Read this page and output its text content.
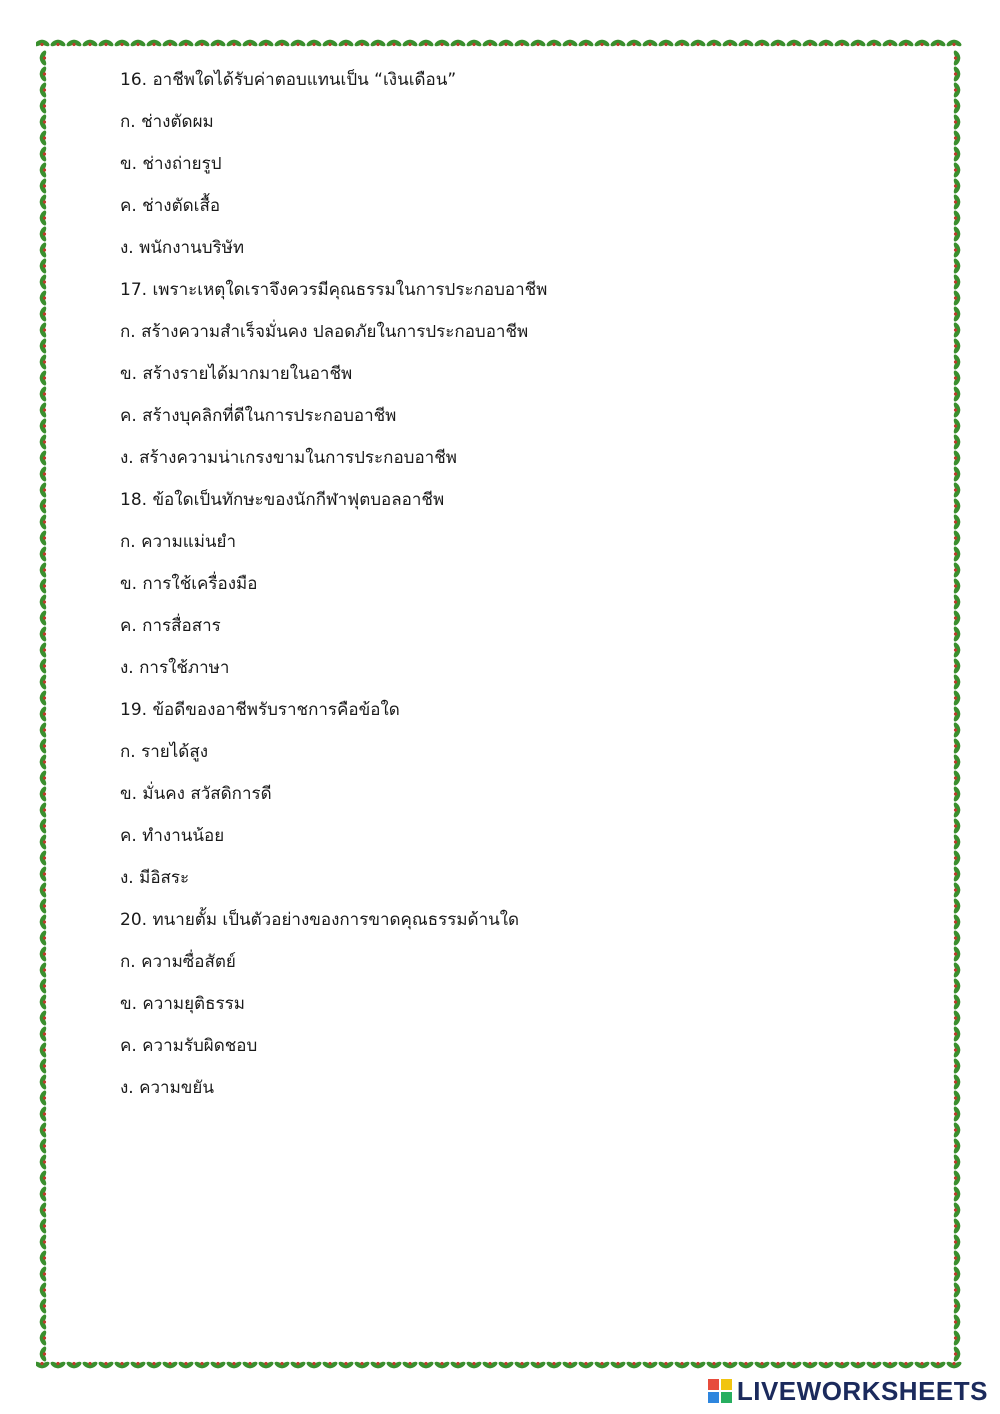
16. อาชีพใดได้รับค่าตอบแทนเป็น “เงินเดือน”
ก. ช่างตัดผม
ข. ช่างถ่ายรูป
ค. ช่างตัดเสื้อ
ง. พนักงานบริษัท
17. เพราะเหตุใดเราจึงควรมีคุณธรรมในการประกอบอาชีพ
ก. สร้างความสำเร็จมั่นคง ปลอดภัยในการประกอบอาชีพ
ข. สร้างรายได้มากมายในอาชีพ
ค. สร้างบุคลิกที่ดีในการประกอบอาชีพ
ง. สร้างความน่าเกรงขามในการประกอบอาชีพ
18. ข้อใดเป็นทักษะของนักกีฬาฟุตบอลอาชีพ
ก. ความแม่นยำ
ข. การใช้เครื่องมือ
ค. การสื่อสาร
ง. การใช้ภาษา
19. ข้อดีของอาชีพรับราชการคือข้อใด
ก. รายได้สูง
ข. มั่นคง สวัสดิการดี
ค. ทำงานน้อย
ง. มีอิสระ
20. ทนายตั้ม เป็นตัวอย่างของการขาดคุณธรรมด้านใด
ก. ความซื่อสัตย์
ข. ความยุติธรรม
ค. ความรับผิดชอบ
ง. ความขยัน
LIVEWORKSHEETS
